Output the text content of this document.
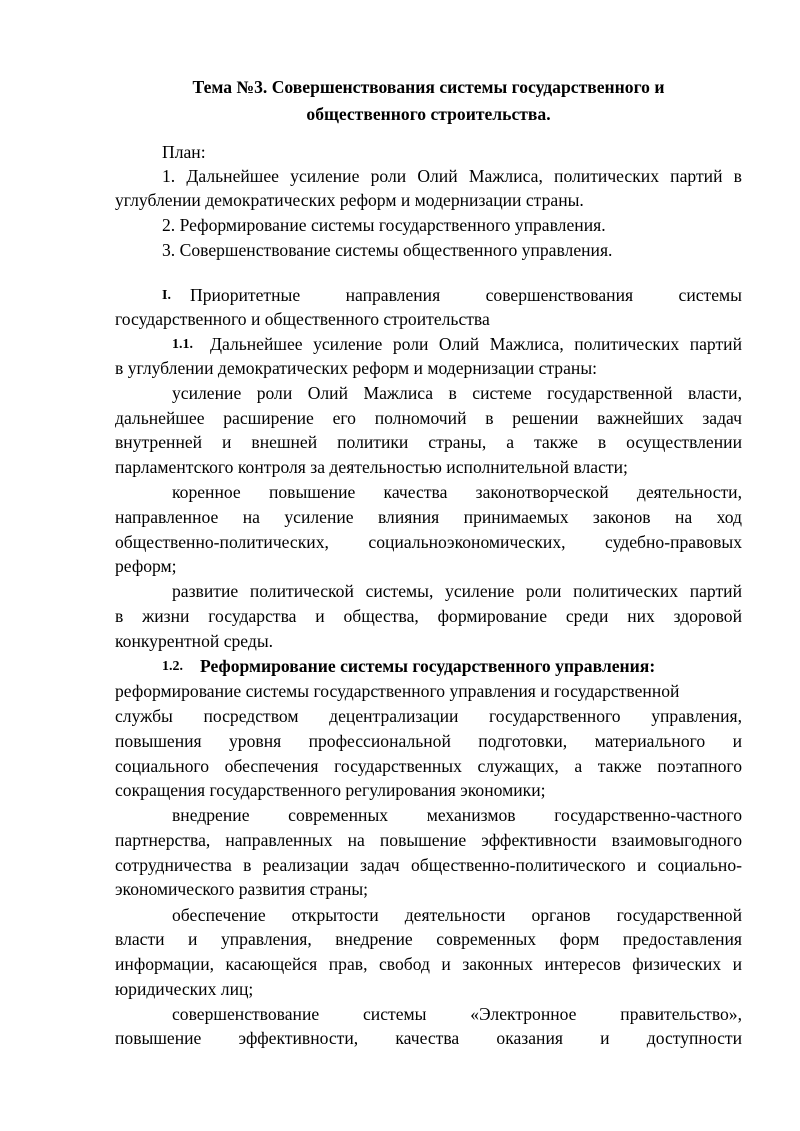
Тема №3. Совершенствования системы государственного и
общественного строительства.
План:
1. Дальнейшее усиление роли Олий Мажлиса, политических партий в
углублении демократических реформ и модернизации страны.
2. Реформирование системы государственного управления.
3. Совершенствование системы общественного управления.
I. Приоритетные направления совершенствования системы
государственного и общественного строительства
1.1. Дальнейшее усиление роли Олий Мажлиса, политических партий
в углублении демократических реформ и модернизации страны:
усиление роли Олий Мажлиса в системе государственной власти,
дальнейшее расширение его полномочий в решении важнейших задач
внутренней и внешней политики страны, а также в осуществлении
парламентского контроля за деятельностью исполнительной власти;
коренное повышение качества законотворческой деятельности,
направленное на усиление влияния принимаемых законов на ход
общественно-политических, социальноэкономических, судебно-правовых
реформ;
развитие политической системы, усиление роли политических партий
в жизни государства и общества, формирование среди них здоровой
конкурентной среды.
1.2. Реформирование системы государственного управления:
реформирование системы государственного управления и государственной
службы посредством децентрализации государственного управления,
повышения уровня профессиональной подготовки, материального и
социального обеспечения государственных служащих, а также поэтапного
сокращения государственного регулирования экономики;
внедрение современных механизмов государственно-частного
партнерства, направленных на повышение эффективности взаимовыгодного
сотрудничества в реализации задач общественно-политического и социально-
экономического развития страны;
обеспечение открытости деятельности органов государственной
власти и управления, внедрение современных форм предоставления
информации, касающейся прав, свобод и законных интересов физических и
юридических лиц;
совершенствование системы «Электронное правительство»,
повышение эффективности, качества оказания и доступности
